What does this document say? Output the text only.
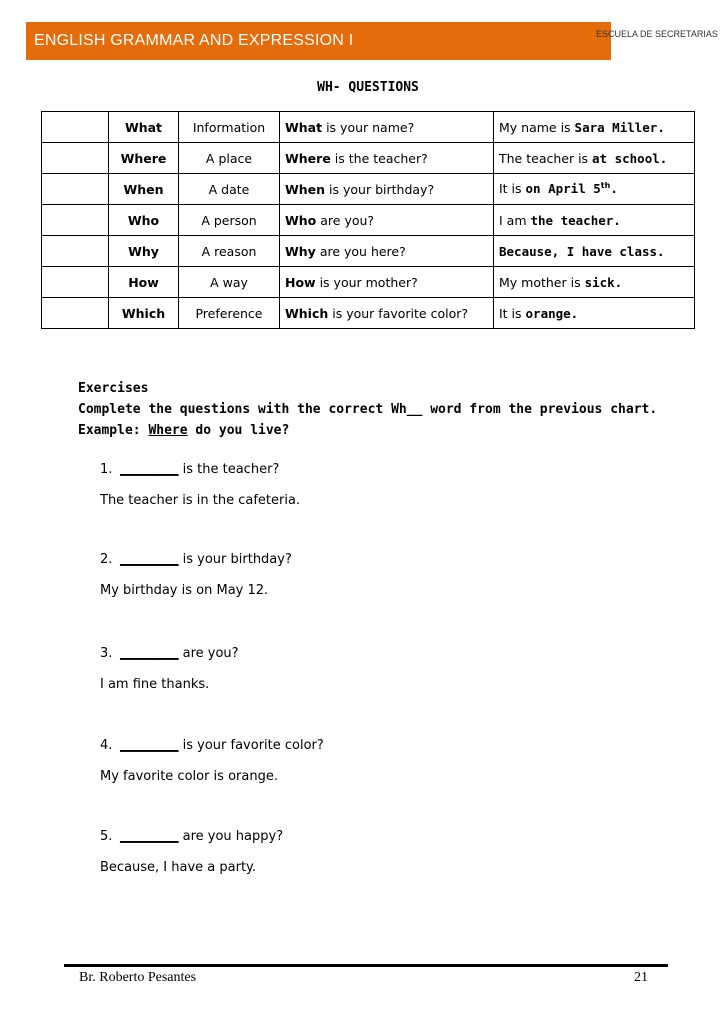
ENGLISH GRAMMAR AND EXPRESSION I	ESCUELA DE SECRETARIAS
WH- QUESTIONS
	What	Information	What is your name?	My name is Sara Miller.
	Where	A place	Where is the teacher?	The teacher is at school.
	When	A date	When is your birthday?	It is on April 5th.
	Who	A person	Who are you?	I am the teacher.
	Why	A reason	Why are you here?	Because, I have class.
	How	A way	How is your mother?	My mother is sick.
	Which	Preference	Which is your favorite color?	It is orange.
Exercises
Complete the questions with the correct Wh__ word from the previous chart.
Example: Where do you live?
1. _________ is the teacher?
The teacher is in the cafeteria.
2. _________ is your birthday?
My birthday is on May 12.
3. _________ are you?
I am fine thanks.
4. _________ is your favorite color?
My favorite color is orange.
5. _________ are you happy?
Because, I have a party.
Br. Roberto Pesantes	21
